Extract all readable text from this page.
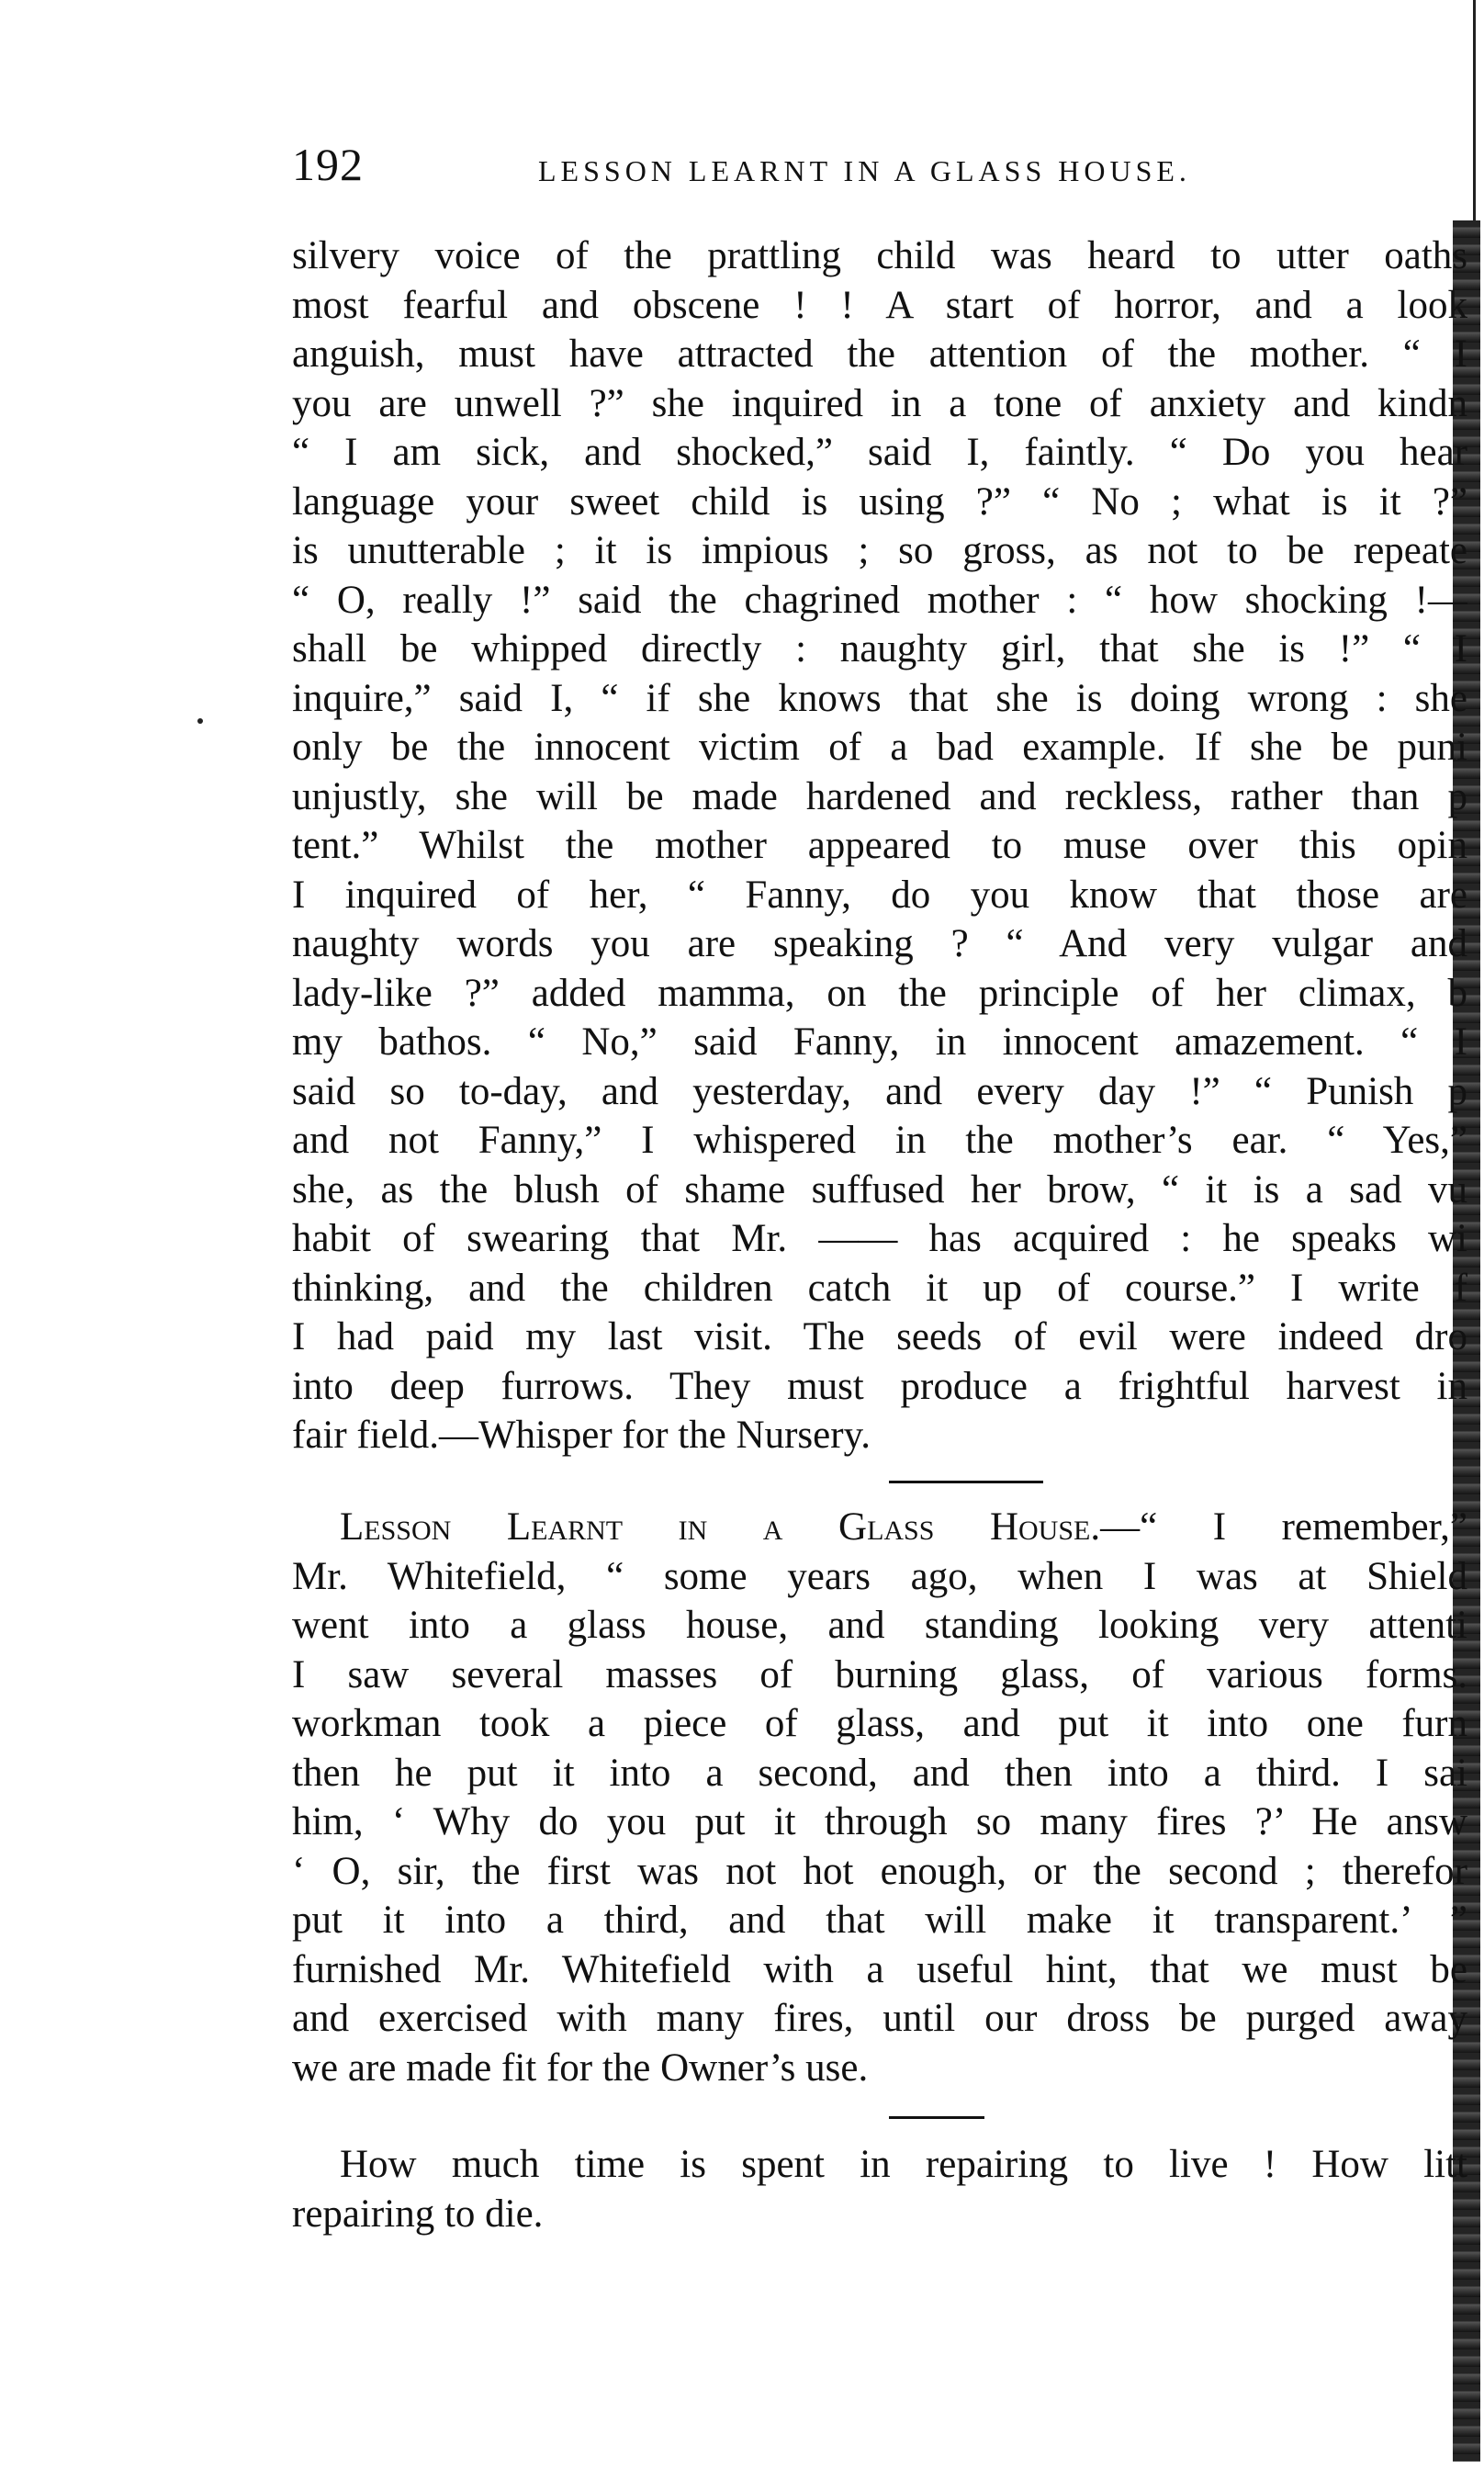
192	LESSON LEARNT IN A GLASS HOUSE.
silvery voice of the prattling child was heard to utter oaths
most fearful and obscene ! ! A start of horror, and a look
anguish, must have attracted the attention of the mother. “ I
you are unwell ?” she inquired in a tone of anxiety and kindn
“ I am sick, and shocked,” said I, faintly. “ Do you hear
language your sweet child is using ?” “ No ; what is it ?”
is unutterable ; it is impious ; so gross, as not to be repeate
“ O, really !” said the chagrined mother : “ how shocking !—
shall be whipped directly : naughty girl, that she is !” “ I
inquire,” said I, “ if she knows that she is doing wrong : she
only be the innocent victim of a bad example. If she be puni
unjustly, she will be made hardened and reckless, rather than p
tent.” Whilst the mother appeared to muse over this opin
I inquired of her, “ Fanny, do you know that those are
naughty words you are speaking ? “ And very vulgar and
lady-like ?” added mamma, on the principle of her climax, b
my bathos. “ No,” said Fanny, in innocent amazement. “ I
said so to-day, and yesterday, and every day !” “ Punish p
and not Fanny,” I whispered in the mother’s ear. “ Yes,”
she, as the blush of shame suffused her brow, “ it is a sad vu
habit of swearing that Mr. —— has acquired : he speaks wi
thinking, and the children catch it up of course.” I write f
I had paid my last visit. The seeds of evil were indeed dro
into deep furrows. They must produce a frightful harvest in
fair field.—Whisper for the Nursery.
Lesson Learnt in a Glass House.—“ I remember,”
Mr. Whitefield, “ some years ago, when I was at Shield
went into a glass house, and standing looking very attenti
I saw several masses of burning glass, of various forms.
workman took a piece of glass, and put it into one furn
then he put it into a second, and then into a third. I sai
him, ‘ Why do you put it through so many fires ?’ He answ
‘ O, sir, the first was not hot enough, or the second ; therefor
put it into a third, and that will make it transparent.’ ”
furnished Mr. Whitefield with a useful hint, that we must be
and exercised with many fires, until our dross be purged away
we are made fit for the Owner’s use.
How much time is spent in repairing to live ! How litt
repairing to die.
